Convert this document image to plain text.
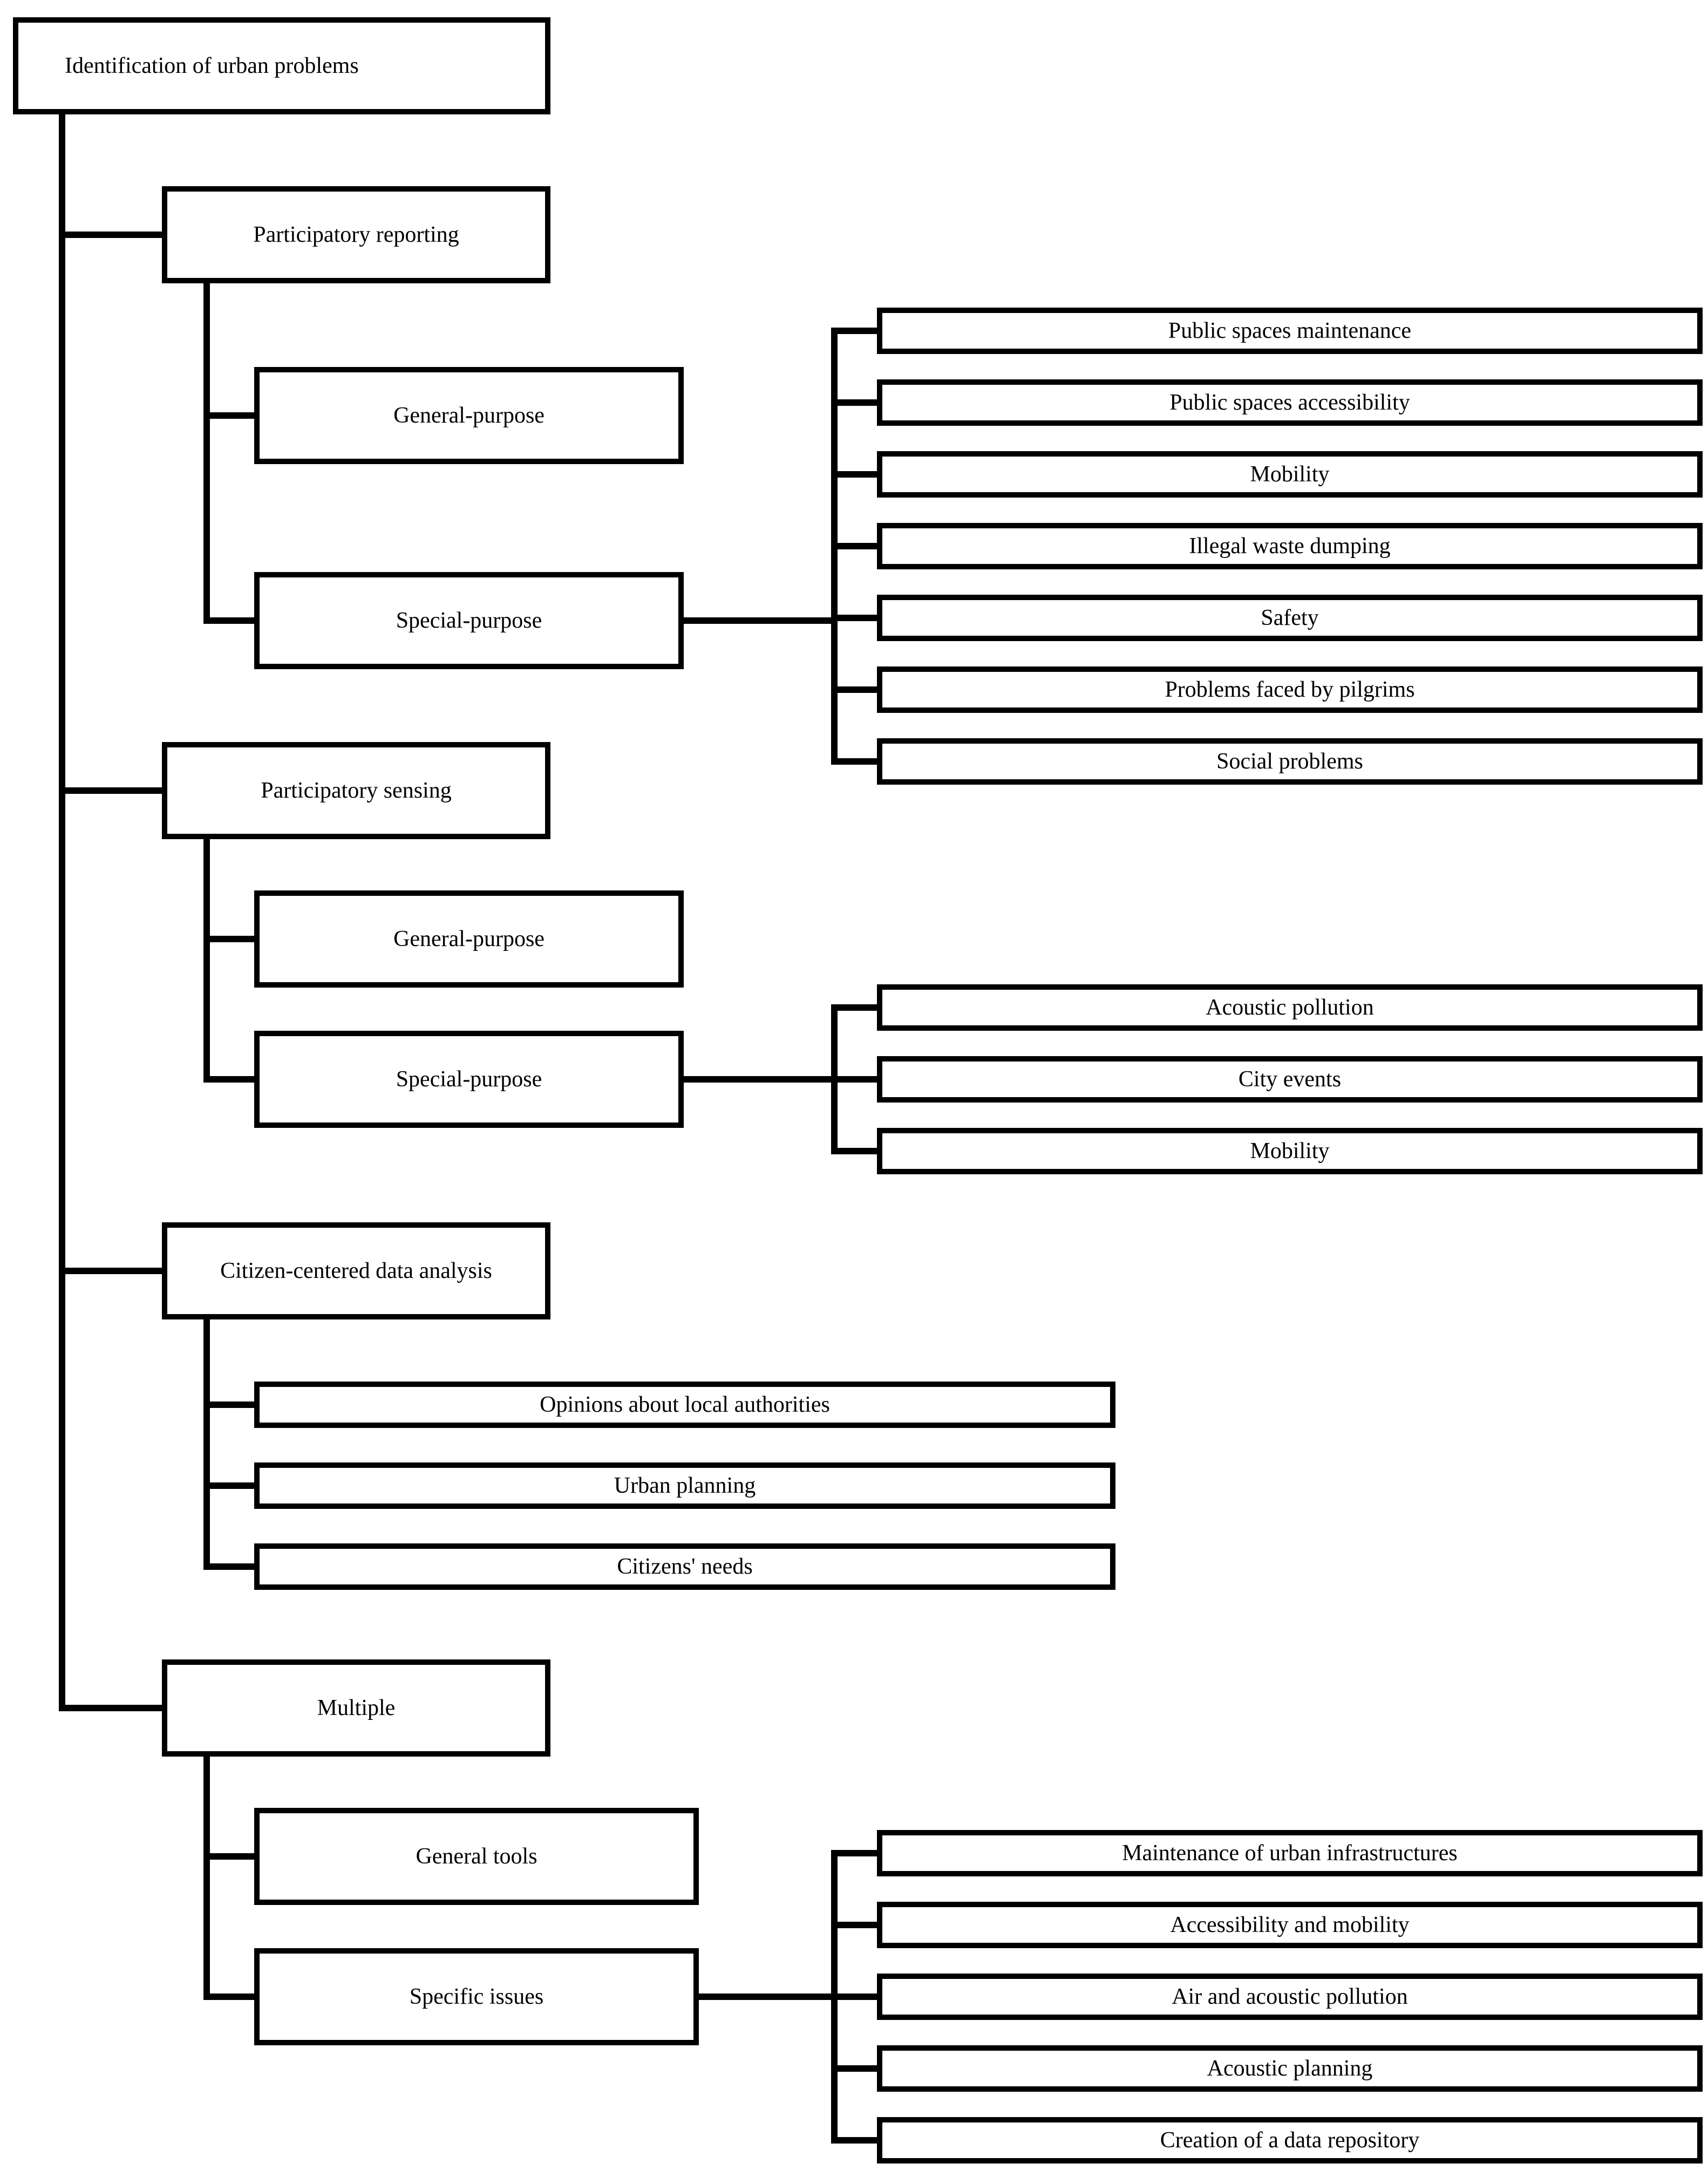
Identification of urban problems
Participatory reporting
General-purpose
Special-purpose
Public spaces maintenance
Public spaces accessibility
Mobility
Illegal waste dumping
Safety
Problems faced by pilgrims
Social problems
Participatory sensing
General-purpose
Special-purpose
Acoustic pollution
City events
Mobility
Citizen-centered data analysis
Opinions about local authorities
Urban planning
Citizens' needs
Multiple
General tools
Specific issues
Maintenance of urban infrastructures
Accessibility and mobility
Air and acoustic pollution
Acoustic planning
Creation of a data repository
